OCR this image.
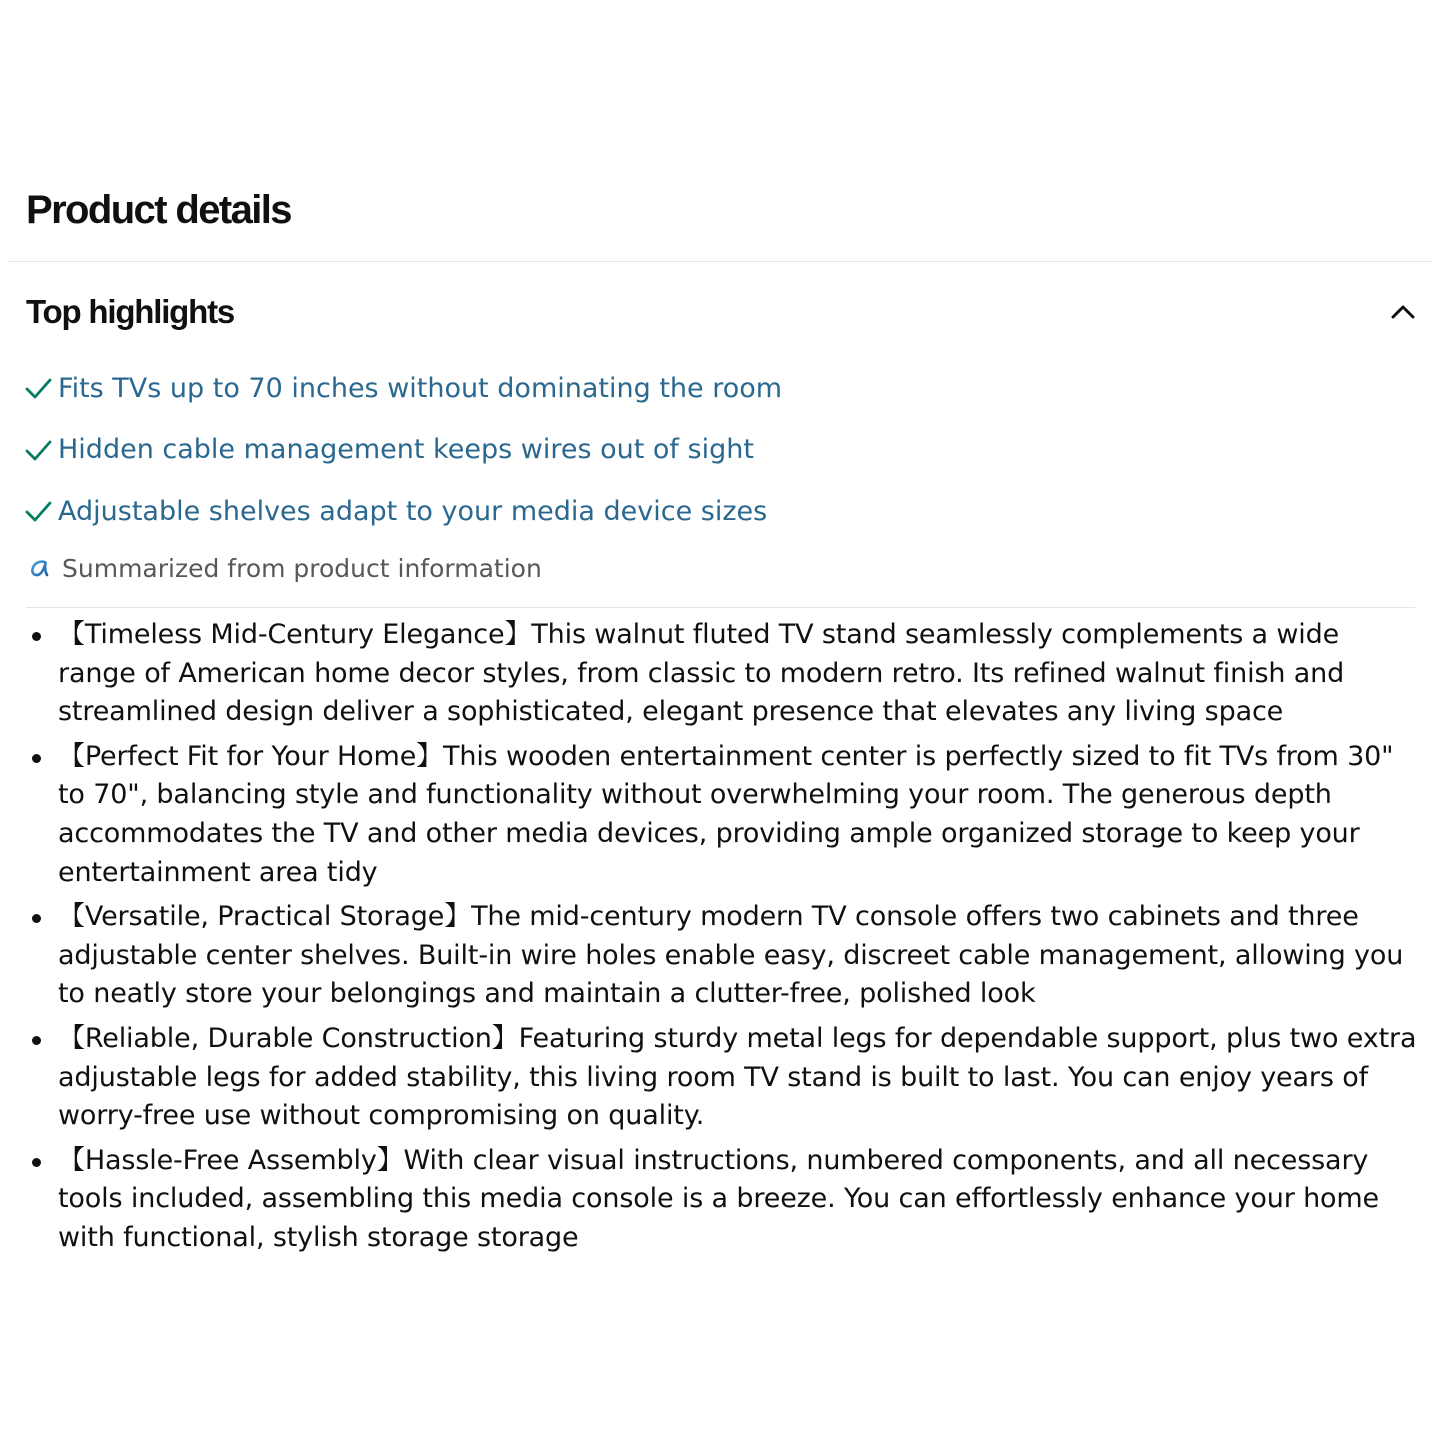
Product details
Top highlights
Fits TVs up to 70 inches without dominating the room
Hidden cable management keeps wires out of sight
Adjustable shelves adapt to your media device sizes
Summarized from product information
【Timeless Mid-Century Elegance】This walnut fluted TV stand seamlessly complements a wide range of American home decor styles, from classic to modern retro. Its refined walnut finish and streamlined design deliver a sophisticated, elegant presence that elevates any living space
【Perfect Fit for Your Home】This wooden entertainment center is perfectly sized to fit TVs from 30" to 70", balancing style and functionality without overwhelming your room. The generous depth accommodates the TV and other media devices, providing ample organized storage to keep your entertainment area tidy
【Versatile, Practical Storage】The mid-century modern TV console offers two cabinets and three adjustable center shelves. Built-in wire holes enable easy, discreet cable management, allowing you to neatly store your belongings and maintain a clutter-free, polished look
【Reliable, Durable Construction】Featuring sturdy metal legs for dependable support, plus two extra adjustable legs for added stability, this living room TV stand is built to last. You can enjoy years of worry-free use without compromising on quality.
【Hassle-Free Assembly】With clear visual instructions, numbered components, and all necessary tools included, assembling this media console is a breeze. You can effortlessly enhance your home with functional, stylish storage storage
